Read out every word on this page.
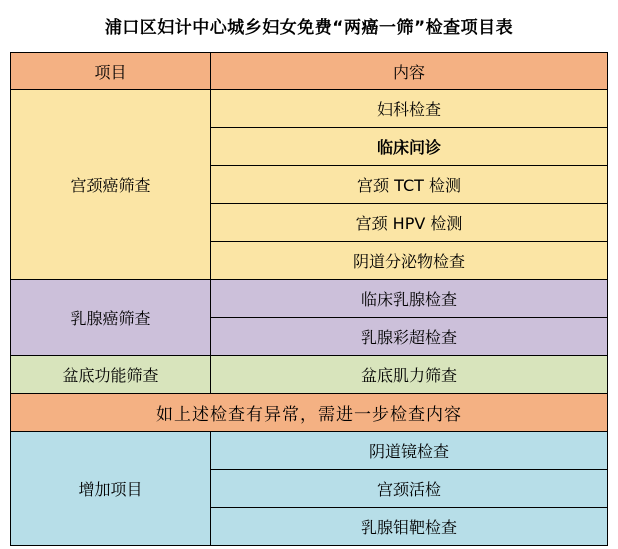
浦口区妇计中心城乡妇女免费“两癌一筛”检查项目表
项目	内容
宫颈癌筛查	妇科检查
	临床问诊
	宫颈 TCT 检测
	宫颈 HPV 检测
	阴道分泌物检查
乳腺癌筛查	临床乳腺检查
	乳腺彩超检查
盆底功能筛查	盆底肌力筛查
如上述检查有异常，需进一步检查内容	
增加项目	阴道镜检查
	宫颈活检
	乳腺钼靶检查
